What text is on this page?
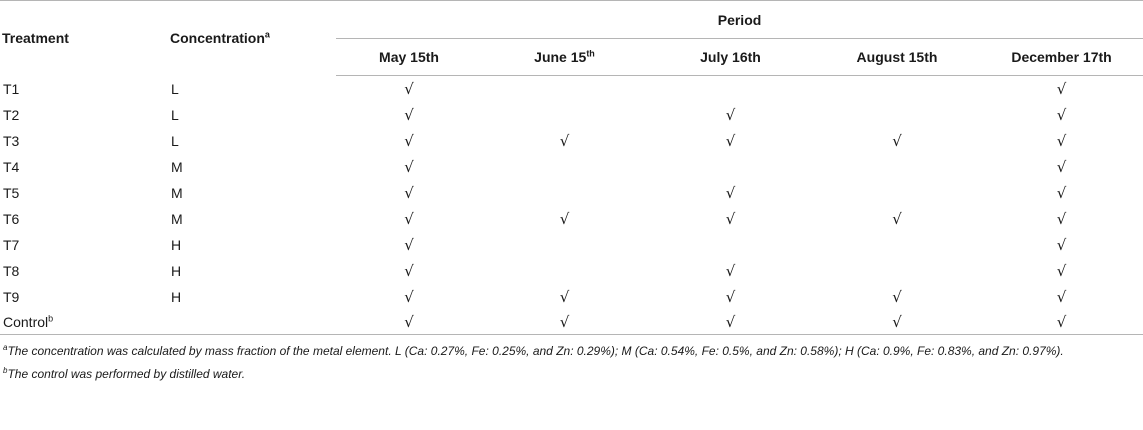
Treatment	Concentration$^a$	Period				
		May 15th	June 15th	July 16th	August 15th	December 17th
T1	L	√				√
T2	L	√		√		√
T3	L	√	√	√	√	√
T4	M	√				√
T5	M	√		√		√
T6	M	√	√	√	√	√
T7	H	√				√
T8	H	√		√		√
T9	H	√	√	√	√	√
Control$^b$		√	√	√	√	√
$^a$The concentration was calculated by mass fraction of the metal element. L (Ca: 0.27%, Fe: 0.25%, and Zn: 0.29%); M (Ca: 0.54%, Fe: 0.5%, and Zn: 0.58%); H (Ca: 0.9%, Fe: 0.83%, and Zn: 0.97%).
$^b$The control was performed by distilled water.
